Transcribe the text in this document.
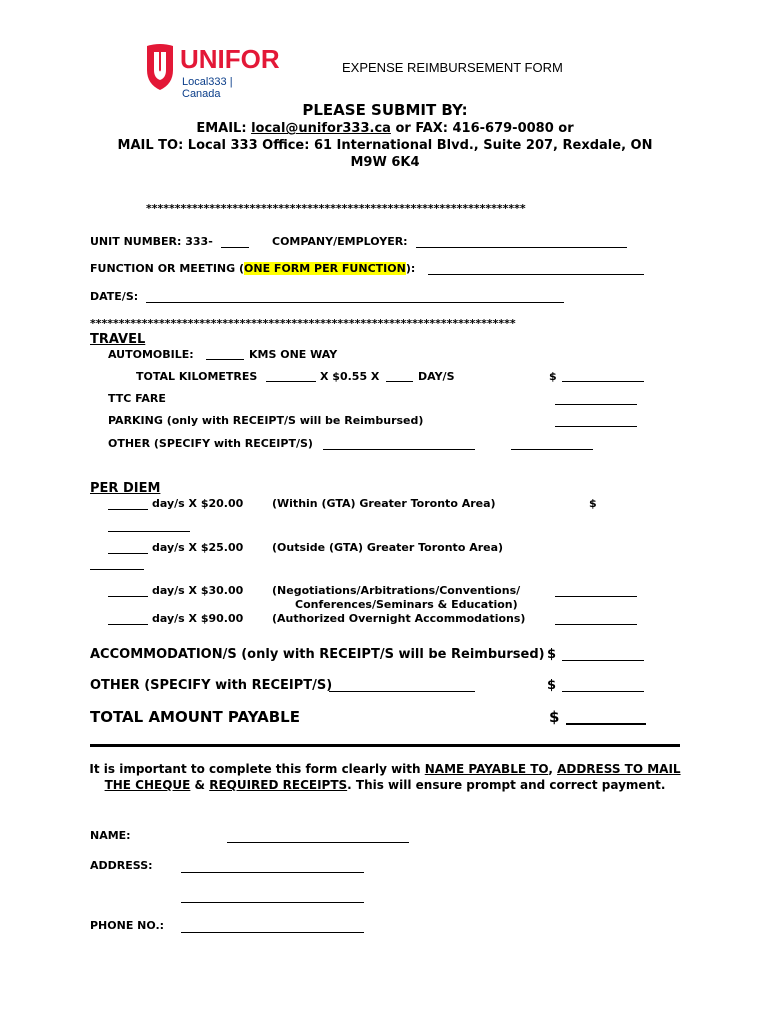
UNIFOR
Local333 | Canada
EXPENSE REIMBURSEMENT FORM
PLEASE SUBMIT BY:
EMAIL: local@unifor333.ca or FAX: 416-679-0080 or
MAIL TO: Local 333 Office: 61 International Blvd., Suite 207, Rexdale, ON
M9W 6K4
******************************************************************
UNIT NUMBER: 333-	COMPANY/EMPLOYER:
FUNCTION OR MEETING (ONE FORM PER FUNCTION):
DATE/S:
**************************************************************************
TRAVEL
AUTOMOBILE:	KMS ONE WAY
TOTAL KILOMETRES	X $0.55 X	DAY/S	$
TTC FARE
PARKING (only with RECEIPT/S will be Reimbursed)
OTHER (SPECIFY with RECEIPT/S)
PER DIEM
day/s X $20.00	(Within (GTA) Greater Toronto Area)	$
day/s X $25.00	(Outside (GTA) Greater Toronto Area)
day/s X $30.00	(Negotiations/Arbitrations/Conventions/
Conferences/Seminars & Education)
day/s X $90.00	(Authorized Overnight Accommodations)
ACCOMMODATION/S (only with RECEIPT/S will be Reimbursed) $
OTHER (SPECIFY with RECEIPT/S)	$
TOTAL AMOUNT PAYABLE	$
It is important to complete this form clearly with NAME PAYABLE TO, ADDRESS TO MAIL THE CHEQUE & REQUIRED RECEIPTS. This will ensure prompt and correct payment.
NAME:
ADDRESS:
PHONE NO.:
